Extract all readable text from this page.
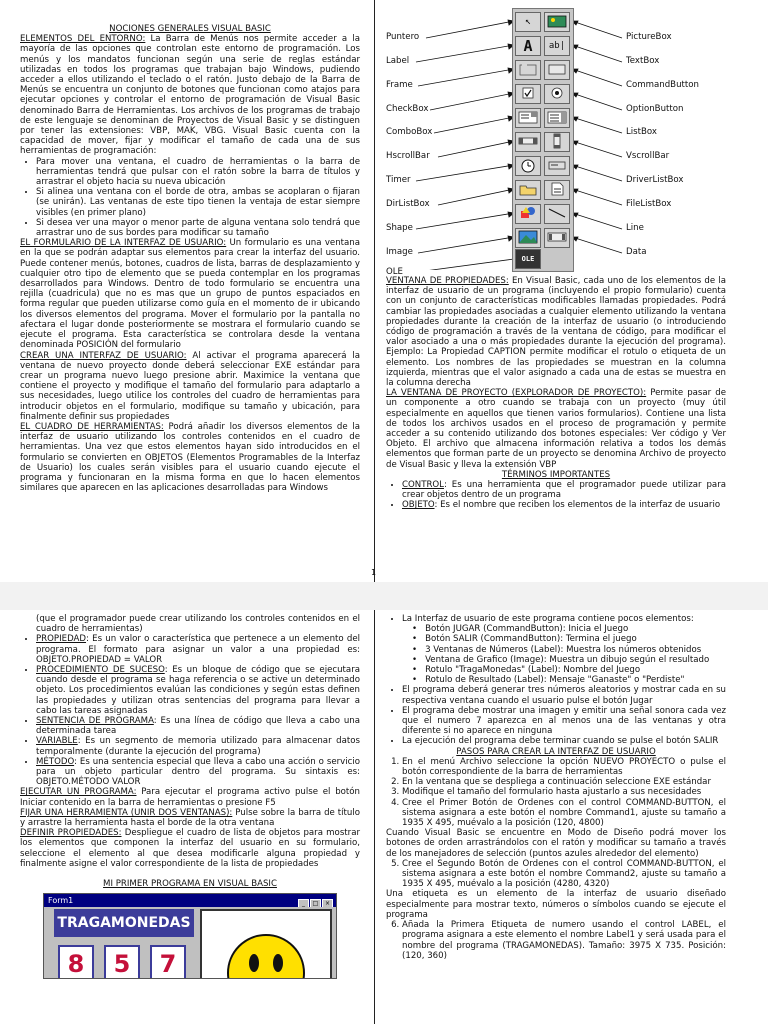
NOCIONES GENERALES VISUAL BASIC

ELEMENTOS DEL ENTORNO: La Barra de Menús nos permite acceder a la mayoría de las opciones que controlan este entorno de programación. Los menús y los mandatos funcionan según una serie de reglas estándar utilizadas en todos los programas que trabajan bajo Windows, pudiendo acceder a ellos utilizando el teclado o el ratón. Justo debajo de la Barra de Menús se encuentra un conjunto de botones que funcionan como atajos para ejecutar opciones y controlar el entorno de programación de Visual Basic denominado Barra de Herramientas. Los archivos de los programas de trabajo de este lenguaje se denominan de Proyectos de Visual Basic y se distinguen por tener las extensiones: VBP, MAK, VBG. Visual Basic cuenta con la capacidad de mover, fijar y modificar el tamaño de cada una de sus herramientas de programación:

• Para mover una ventana, el cuadro de herramientas o la barra de herramientas tendrá que pulsar con el ratón sobre la barra de títulos y arrastrar el objeto hacia su nueva ubicación
• Si alinea una ventana con el borde de otra, ambas se acoplaran o fijaran (se unirán). Las ventanas de este tipo tienen la ventaja de estar siempre visibles (en primer plano)
• Si desea ver una mayor o menor parte de alguna ventana solo tendrá que arrastrar uno de sus bordes para modificar su tamaño

EL FORMULARIO DE LA INTERFAZ DE USUARIO: Un formulario es una ventana en la que se podrán adaptar sus elementos para crear la interfaz del usuario. Puede contener menús, botones, cuadros de lista, barras de desplazamiento y cualquier otro tipo de elemento que se pueda contemplar en los programas desarrollados para Windows. Dentro de todo formulario se encuentra una rejilla (cuadricula) que no es mas que un grupo de puntos espaciados en forma regular que pueden utilizarse como guía en el momento de ir ubicando los diversos elementos del programa. Mover el formulario por la pantalla no afectara el lugar donde posteriormente se mostrara el formulario cuando se ejecute el programa. Esta característica se controlara desde la ventana denominada POSICIÓN del formulario

CREAR UNA INTERFAZ DE USUARIO: Al activar el programa aparecerá la ventana de nuevo proyecto donde deberá seleccionar EXE estándar para crear un programa nuevo luego presione abrir. Maximice la ventana que contiene el proyecto y modifique el tamaño del formulario para adaptarlo a sus necesidades, luego utilice los controles del cuadro de herramientas para introducir objetos en el formulario, modifique su tamaño y ubicación, para finalmente definir sus propiedades

EL CUADRO DE HERRAMIENTAS: Podrá añadir los diversos elementos de la interfaz de usuario utilizando los controles contenidos en el cuadro de herramientas. Una vez que estos elementos hayan sido introducidos en el formulario se convierten en OBJETOS (Elementos Programables de la Interfaz de Usuario) los cuales serán visibles para el usuario cuando ejecute el programa y funcionaran en la misma forma en que lo hacen elementos similares que aparecen en las aplicaciones desarrolladas para Windows

Puntero
Label
Frame
CheckBox
ComboBox
HscrollBar
Timer
DirListBox
Shape
Image
OLE
PictureBox
TextBox
CommandButton
OptionButton
ListBox
VscrollBar
DriverListBox
FileListBox
Line
Data
↖
A	ab|
OLE

VENTANA DE PROPIEDADES: En Visual Basic, cada uno de los elementos de la interfaz de usuario de un programa (incluyendo el propio formulario) cuenta con un conjunto de características modificables llamadas propiedades. Podrá cambiar las propiedades asociadas a cualquier elemento utilizando la ventana propiedades durante la creación de la interfaz de usuario (o introduciendo código de programación a través de la ventana de código, para modificar el valor asociado a una o más propiedades durante la ejecución del programa). Ejemplo: La Propiedad CAPTION permite modificar el rotulo o etiqueta de un elemento. Los nombres de las propiedades se muestran en la columna izquierda, mientras que el valor asignado a cada una de estas se muestra en la columna derecha

LA VENTANA DE PROYECTO (EXPLORADOR DE PROYECTO): Permite pasar de un componente a otro cuando se trabaja con un proyecto (muy útil especialmente en aquellos que tienen varios formularios). Contiene una lista de todos los archivos usados en el proceso de programación y permite acceder a su contenido utilizando dos botones especiales: Ver código y Ver Objeto. El archivo que almacena información relativa a todos los demás elementos que forman parte de un proyecto se denomina Archivo de proyecto de Visual Basic y lleva la extensión VBP

TÉRMINOS IMPORTANTES

• CONTROL: Es una herramienta que el programador puede utilizar para crear objetos dentro de un programa
• OBJETO: Es el nombre que reciben los elementos de la interfaz de usuario
1

(que el programador puede crear utilizando los controles contenidos en el cuadro de herramientas)

• PROPIEDAD: Es un valor o característica que pertenece a un elemento del programa. El formato para asignar un valor a una propiedad es: OBJETO.PROPIEDAD = VALOR
• PROCEDIMIENTO DE SUCESO: Es un bloque de código que se ejecutara cuando desde el programa se haga referencia o se active un determinado objeto. Los procedimientos evalúan las condiciones y según estas definen las propiedades y utilizan otras sentencias del programa para llevar a cabo las tareas asignadas
• SENTENCIA DE PROGRAMA: Es una línea de código que lleva a cabo una determinada tarea
• VARIABLE: Es un segmento de memoria utilizado para almacenar datos temporalmente (durante la ejecución del programa)
• MÉTODO: Es una sentencia especial que lleva a cabo una acción o servicio para un objeto particular dentro del programa. Su sintaxis es: OBJETO.MÉTODO VALOR

EJECUTAR UN PROGRAMA: Para ejecutar el programa activo pulse el botón Iniciar contenido en la barra de herramientas o presione F5

FIJAR UNA HERRAMIENTA (UNIR DOS VENTANAS): Pulse sobre la barra de título y arrastre la herramienta hasta el borde de la otra ventana

DEFINIR PROPIEDADES: Despliegue el cuadro de lista de objetos para mostrar los elementos que componen la interfaz del usuario en su formulario, seleccione el elemento al que desea modificarle alguna propiedad y finalmente asigne el valor correspondiente de la lista de propiedades

MI PRIMER PROGRAMA EN VISUAL BASIC

Form1	_ □ ×
TRAGAMONEDAS
8	5	7
• La Interfaz de usuario de este programa contiene pocos elementos:
• Botón JUGAR (CommandButton): Inicia el Juego
• Botón SALIR (CommandButton): Termina el juego
• 3 Ventanas de Números (Label): Muestra los números obtenidos
• Ventana de Grafico (Image): Muestra un dibujo según el resultado
• Rotulo "TragaMonedas" (Label): Nombre del Juego
• Rotulo de Resultado (Label): Mensaje "Ganaste" o "Perdiste"
• El programa deberá generar tres números aleatorios y mostrar cada en su respectiva ventana cuando el usuario pulse el botón Jugar
• El programa debe mostrar una imagen y emitir una señal sonora cada vez que el numero 7 aparezca en al menos una de las ventanas y otra diferente si no aparece en ninguna
• La ejecución del programa debe terminar cuando se pulse el botón SALIR

PASOS PARA CREAR LA INTERFAZ DE USUARIO

1. En el menú Archivo seleccione la opción NUEVO PROYECTO o pulse el botón correspondiente de la barra de herramientas
2. En la ventana que se despliega a continuación seleccione EXE estándar
3. Modifique el tamaño del formulario hasta ajustarlo a sus necesidades
4. Cree el Primer Botón de Ordenes con el control COMMAND-BUTTON, el sistema asignara a este botón el nombre Command1, ajuste su tamaño a 1935 X 495, muévalo a la posición (120, 4800)

Cuando Visual Basic se encuentre en Modo de Diseño podrá mover los botones de orden arrastrándolos con el ratón y modificar su tamaño a través de los manejadores de selección (puntos azules alrededor del elemento)

5. Cree el Segundo Botón de Ordenes con el control COMMAND-BUTTON, el sistema asignara a este botón el nombre Command2, ajuste su tamaño a 1935 X 495, muévalo a la posición (4280, 4320)

Una etiqueta es un elemento de la interfaz de usuario diseñado especialmente para mostrar texto, números o símbolos cuando se ejecute el programa

6. Añada la Primera Etiqueta de numero usando el control LABEL, el programa asignara a este elemento el nombre Label1 y será usada para el nombre del programa (TRAGAMONEDAS). Tamaño: 3975 X 735. Posición: (120, 360)
